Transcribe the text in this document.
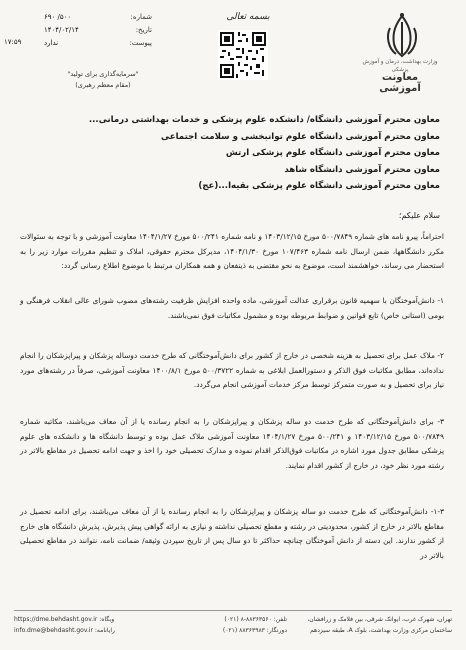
۱۷:۵۹
شماره:
۵۰۰/ ۶۹۰
تاریخ:
۱۴۰۴/۰۲/۱۴
پیوست:
ندارد
"سرمایه‌گذاری برای تولید"
(مقام معظم رهبری)
بسمه تعالی
وزارت بهداشت، درمان و آموزش پزشکی
معاونت آموزشی
معاون محترم آموزشی دانشگاه/ دانشکده علوم پزشکی و خدمات بهداشتی درمانی...
معاون محترم آموزشی دانشگاه علوم توانبخشی و سلامت اجتماعی
معاون محترم آموزشی دانشگاه علوم پزشکی ارتش
معاون محترم آموزشی دانشگاه شاهد
معاون محترم آموزشی دانشگاه علوم پزشکی بقیه‌ا...(عج)
سلام علیکم؛
احتراماً، پیرو نامه های شماره ۵۰۰/۷۸۴۹ مورخ ۱۴۰۳/۱۲/۱۵ و نامه شماره ۵۰۰/۲۴۱ مورخ ۱۴۰۴/۱/۲۷ معاونت آموزشی و با توجه به سئوالات مکرر دانشگاهها، ضمن ارسال نامه شماره ۱۰۷/۴۶۳ مورخ ۱۴۰۴/۱/۳۰، مدیرکل محترم حقوقی، املاک و تنظیم مقررات موارد زیر را به استحضار می رساند، خواهشمند است، موضوع به نحو مقتضی به ذینفعان و همه همکاران مرتبط با موضوع اطلاع رسانی گردد:
۱- دانش‌آموختگان با سهمیه قانون برقراری عدالت آموزشی، ماده واحده افزایش ظرفیت رشته‌های مصوب شورای عالی انقلاب فرهنگی و بومی (استانی خاص) تابع قوانین و ضوابط مربوطه بوده و مشمول مکاتبات فوق نمی‌باشند.
۲- ملاک عمل برای تحصیل به هزینه شخصی در خارج از کشور برای دانش‌آموختگانی که طرح خدمت دوساله پزشکان و پیراپزشکان را انجام نداده‌اند، مطابق مکاتبات فوق الذکر و دستورالعمل ابلاغی به شماره ۵۰۰/۳۷۲۲ مورخ ۱۴۰۰/۸/۱ معاونت آموزشی، صرفاً در رشته‌های مورد نیاز برای تحصیل و به صورت متمرکز توسط مرکز خدمات آموزشی انجام می‌گردد.
۳- برای دانش‌آموختگانی که طرح خدمت دو ساله پزشکان و پیراپزشکان را به انجام رسانده یا از آن معاف می‌باشند، مکاتبه شماره ۵۰۰/۷۸۴۹ مورخ ۱۴۰۳/۱۲/۱۵ و ۵۰۰/۲۴۱ مورخ ۱۴۰۴/۱/۲۷ معاونت آموزشی ملاک عمل بوده و توسط دانشگاه ها و دانشکده های علوم پزشکی مطابق جدول مورد اشاره در مکاتبات فوق‌الذکر اقدام نموده و مدارک تحصیلی خود را اخذ و جهت ادامه تحصیل در مقاطع بالاتر در رشته مورد نظر خود، در خارج از کشور اقدام نمایند.
۱-۳- دانش‌آموختگانی که طرح خدمت دو ساله پزشکان و پیراپزشکان را به انجام رسانده یا از آن معاف می‌باشند، برای ادامه تحصیل در مقاطع بالاتر در خارج از کشور، محدودیتی در رشته و مقطع تحصیلی نداشته و نیازی به ارائه گواهی پیش پذیرش، پذیرش دانشگاه های خارج از کشور ندارند. این دسته از دانش آموختگان چنانچه حداکثر تا دو سال پس از تاریخ سپردن وثیقه/ ضمانت نامه، نتوانند در مقاطع تحصیلی بالاتر در
تهران، شهرک غرب، ایوانک شرقی، بین فلامک و زرافشان،
ساختمان مرکزی وزارت بهداشت، بلوک A، طبقه سیزدهم
تلفن: ۸۸۳۶۳۵۶۰-۸ (۰۲۱)
دورنگار: ۸۸۳۶۳۹۸۳ (۰۲۱)
https://dme.behdasht.gov.ir :وبگاه
info.dme@behdasht.gov.ir :رایانامه
